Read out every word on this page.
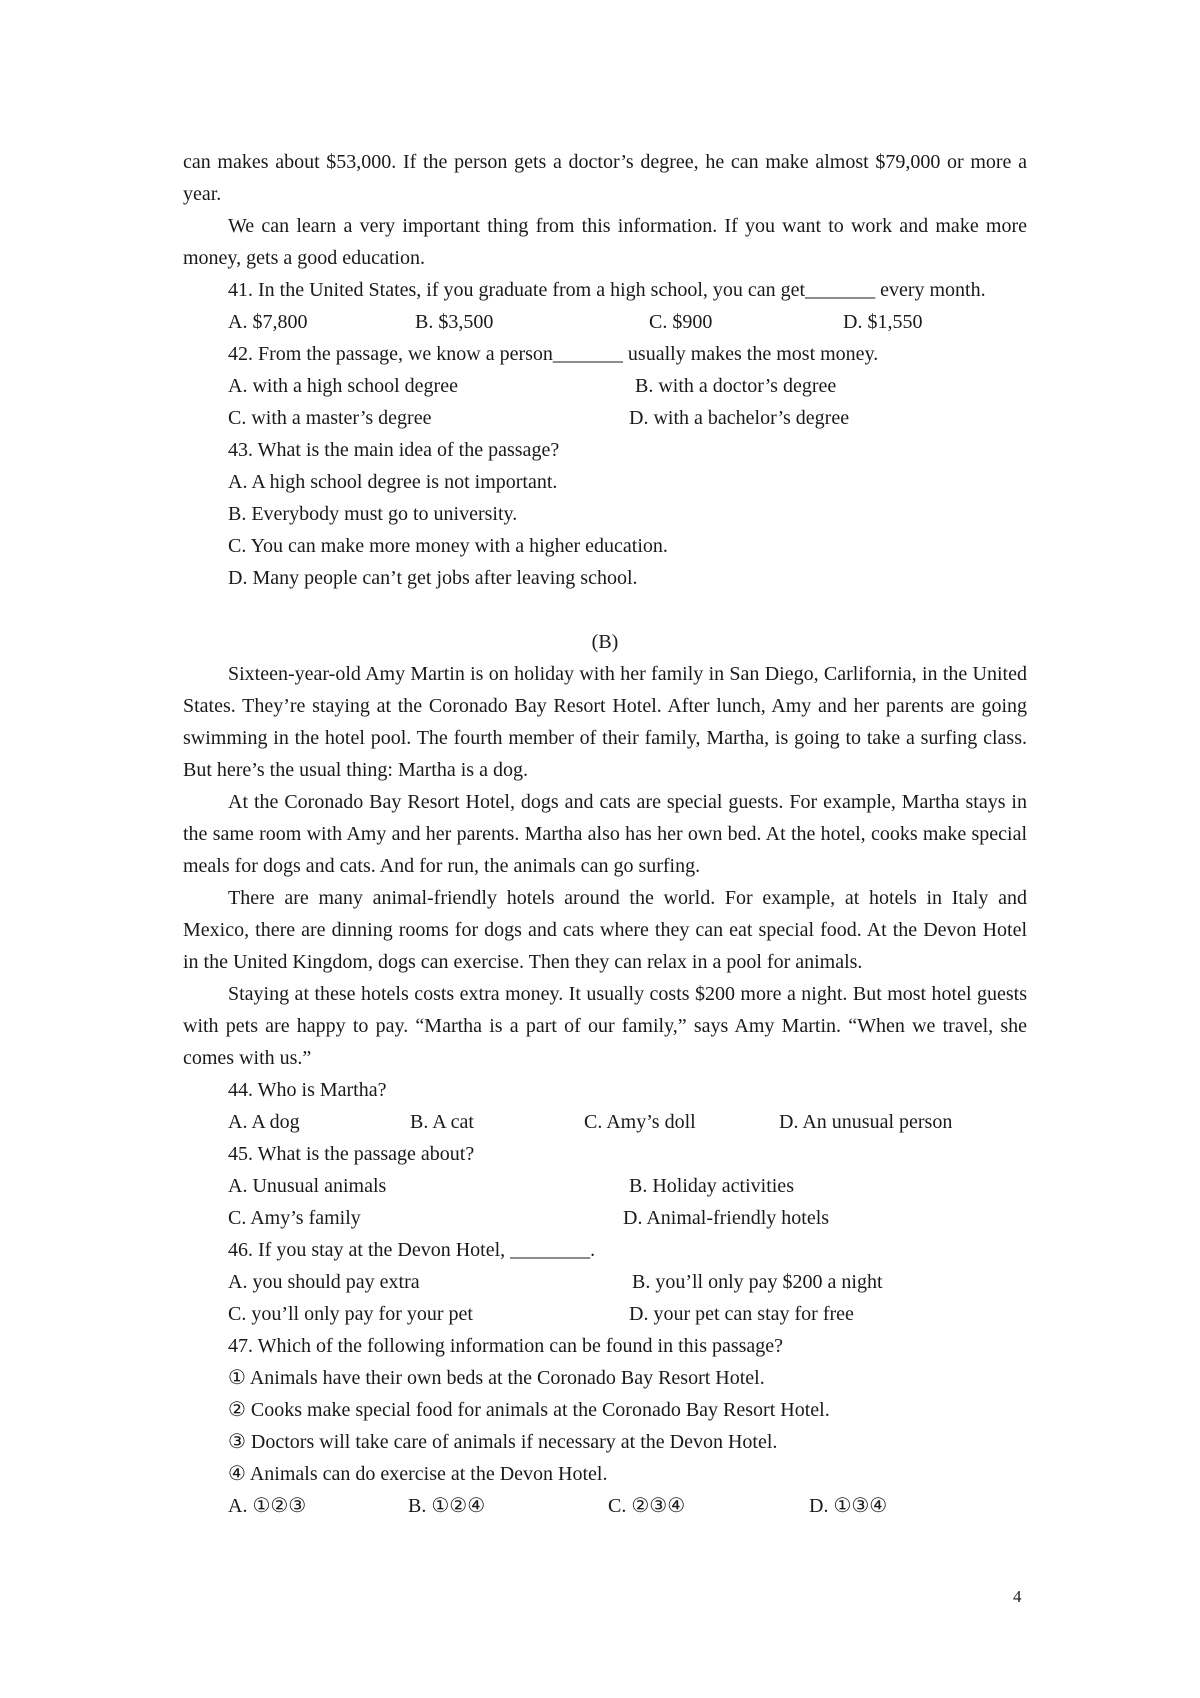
can makes about $53,000. If the person gets a doctor’s degree, he can make almost $79,000 or more a year.

We can learn a very important thing from this information. If you want to work and make more money, gets a good education.

41. In the United States, if you graduate from a high school, you can get_______ every month.

A. $7,800	B. $3,500	C. $900	D. $1,550

42. From the passage, we know a person_______ usually makes the most money.

A. with a high school degree	B. with a doctor’s degree
C. with a master’s degree	D. with a bachelor’s degree

43. What is the main idea of the passage?

A. A high school degree is not important.

B. Everybody must go to university.

C. You can make more money with a higher education.

D. Many people can’t get jobs after leaving school.

(B)

Sixteen-year-old Amy Martin is on holiday with her family in San Diego, Carlifornia, in the United States. They’re staying at the Coronado Bay Resort Hotel. After lunch, Amy and her parents are going swimming in the hotel pool. The fourth member of their family, Martha, is going to take a surfing class. But here’s the usual thing: Martha is a dog.

At the Coronado Bay Resort Hotel, dogs and cats are special guests. For example, Martha stays in the same room with Amy and her parents. Martha also has her own bed. At the hotel, cooks make special meals for dogs and cats. And for run, the animals can go surfing.

There are many animal-friendly hotels around the world. For example, at hotels in Italy and Mexico, there are dinning rooms for dogs and cats where they can eat special food. At the Devon Hotel in the United Kingdom, dogs can exercise. Then they can relax in a pool for animals.

Staying at these hotels costs extra money. It usually costs $200 more a night. But most hotel guests with pets are happy to pay. “Martha is a part of our family,” says Amy Martin. “When we travel, she comes with us.”

44. Who is Martha?

A. A dog	B. A cat	C. Amy’s doll	D. An unusual person

45. What is the passage about?

A. Unusual animals	B. Holiday activities
C. Amy’s family	D. Animal-friendly hotels

46. If you stay at the Devon Hotel, ________.

A. you should pay extra	B. you’ll only pay $200 a night
C. you’ll only pay for your pet	D. your pet can stay for free

47. Which of the following information can be found in this passage?

① Animals have their own beds at the Coronado Bay Resort Hotel.

② Cooks make special food for animals at the Coronado Bay Resort Hotel.

③ Doctors will take care of animals if necessary at the Devon Hotel.

④ Animals can do exercise at the Devon Hotel.

A. ①②③	B. ①②④	C. ②③④	D. ①③④
4
